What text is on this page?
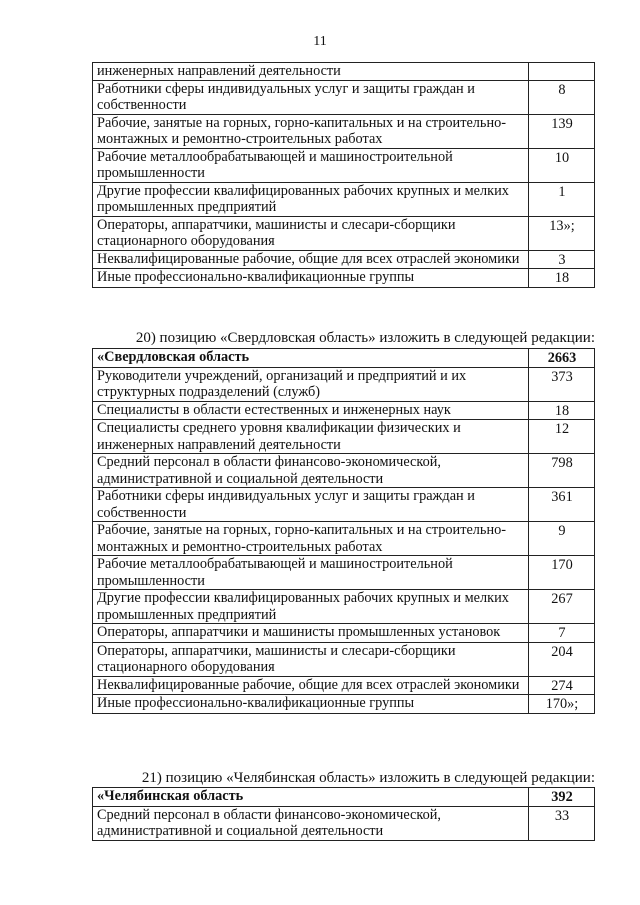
11
инженерных направлений деятельности	
Работники сферы индивидуальных услуг и защиты граждан и собственности	8
Рабочие, занятые на горных, горно-капитальных и на строительно-монтажных и ремонтно-строительных работах	139
Рабочие металлообрабатывающей и машиностроительной промышленности	10
Другие профессии квалифицированных рабочих крупных и мелких промышленных предприятий	1
Операторы, аппаратчики, машинисты и слесари-сборщики стационарного оборудования	13»;
Неквалифицированные рабочие, общие для всех отраслей экономики	3
Иные профессионально-квалификационные группы	18
20) позицию «Свердловская область» изложить в следующей редакции:
«Свердловская область	2663
Руководители учреждений, организаций и предприятий и их структурных подразделений (служб)	373
Специалисты в области естественных и инженерных наук	18
Специалисты среднего уровня квалификации физических и инженерных направлений деятельности	12
Средний персонал в области финансово-экономической, административной и социальной деятельности	798
Работники сферы индивидуальных услуг и защиты граждан и собственности	361
Рабочие, занятые на горных, горно-капитальных и на строительно-монтажных и ремонтно-строительных работах	9
Рабочие металлообрабатывающей и машиностроительной промышленности	170
Другие профессии квалифицированных рабочих крупных и мелких промышленных предприятий	267
Операторы, аппаратчики и машинисты промышленных установок	7
Операторы, аппаратчики, машинисты и слесари-сборщики стационарного оборудования	204
Неквалифицированные рабочие, общие для всех отраслей экономики	274
Иные профессионально-квалификационные группы	170»;
21) позицию «Челябинская область» изложить в следующей редакции:
«Челябинская область	392
Средний персонал в области финансово-экономической, административной и социальной деятельности	33
